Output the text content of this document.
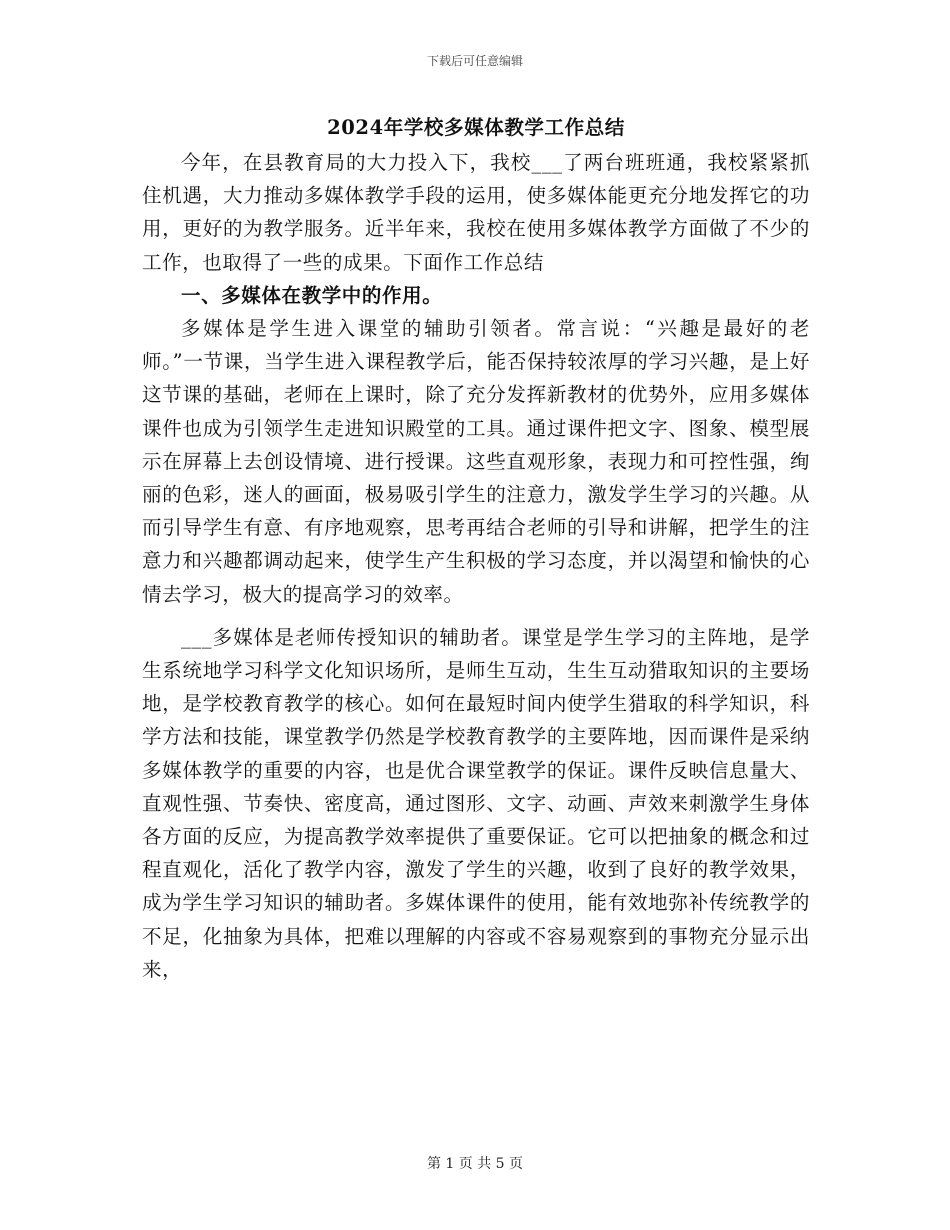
下载后可任意编辑
2024年学校多媒体教学工作总结

今年，在县教育局的大力投入下，我校___了两台班班通，我校紧紧抓住机遇，大力推动多媒体教学手段的运用，使多媒体能更充分地发挥它的功用，更好的为教学服务。近半年来，我校在使用多媒体教学方面做了不少的工作，也取得了一些的成果。下面作工作总结

一、多媒体在教学中的作用。

多媒体是学生进入课堂的辅助引领者。常言说：“兴趣是最好的老师。”一节课，当学生进入课程教学后，能否保持较浓厚的学习兴趣，是上好这节课的基础，老师在上课时，除了充分发挥新教材的优势外，应用多媒体课件也成为引领学生走进知识殿堂的工具。通过课件把文字、图象、模型展示在屏幕上去创设情境、进行授课。这些直观形象，表现力和可控性强，绚丽的色彩，迷人的画面，极易吸引学生的注意力，激发学生学习的兴趣。从而引导学生有意、有序地观察，思考再结合老师的引导和讲解，把学生的注意力和兴趣都调动起来，使学生产生积极的学习态度，并以渴望和愉快的心情去学习，极大的提高学习的效率。

___多媒体是老师传授知识的辅助者。课堂是学生学习的主阵地，是学生系统地学习科学文化知识场所，是师生互动，生生互动猎取知识的主要场地，是学校教育教学的核心。如何在最短时间内使学生猎取的科学知识，科学方法和技能，课堂教学仍然是学校教育教学的主要阵地，因而课件是采纳多媒体教学的重要的内容，也是优合课堂教学的保证。课件反映信息量大、直观性强、节奏快、密度高，通过图形、文字、动画、声效来刺激学生身体各方面的反应，为提高教学效率提供了重要保证。它可以把抽象的概念和过程直观化，活化了教学内容，激发了学生的兴趣，收到了良好的教学效果，成为学生学习知识的辅助者。多媒体课件的使用，能有效地弥补传统教学的不足，化抽象为具体，把难以理解的内容或不容易观察到的事物充分显示出来，

第 1 页 共 5 页
